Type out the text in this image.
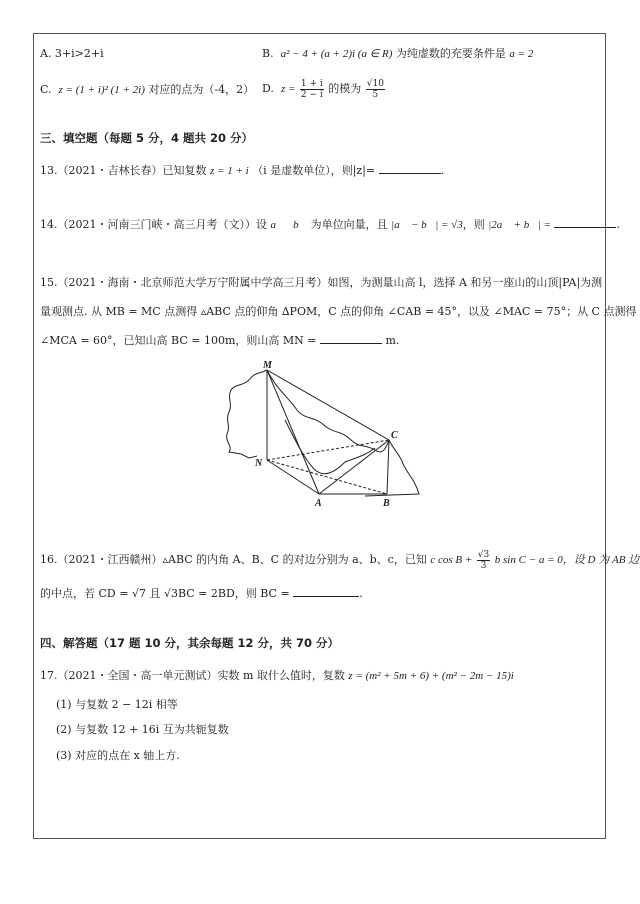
A. 3+i>2+i	B. a² − 4 + (a + 2)i (a ∈ R) 为纯虚数的充要条件是 a = 2
C. z = (1 + i)² (1 + 2i) 对应的点为（-4，2） D. $z = \frac{1 + i}{2 - i}$ 的模为 $\frac{√10}{5}$
三、填空题（每题 5 分，4 题共 20 分）
13.（2021・吉林长春）已知复数 z = 1 + i （i 是虚数单位），则|z|=	.
14.（2021・河南三门峡・高三月考（文））设 a⃗，b⃗ 为单位向量，且 |a⃗ − b⃗| = √3，则 |2a⃗ + b⃗| =	.
15.（2021・海南・北京师范大学万宁附属中学高三月考）如图，为测量山高 l，选择 A 和另一座山的山顶|PA|为测
量观测点. 从 MB = MC 点测得 ▵ABC 点的仰角 ∆POM，C 点的仰角 ∠CAB = 45°，以及 ∠MAC = 75°；从 C 点测得
∠MCA = 60°，已知山高 BC = 100m，则山高 MN =	m.
M
N
A	B
C
16.（2021・江西赣州）▵ABC 的内角 A、B、C 的对边分别为 a、b、c，已知 c $\cos B + \frac{√3}{3}$ b sin C − a = 0，设 D 为 AB 边
的中点，若 CD = √7 且 √3BC = 2BD，则 BC =	.
四、解答题（17 题 10 分，其余每题 12 分，共 70 分）
17.（2021・全国・高一单元测试）实数 m 取什么值时，复数 z = (m² + 5m + 6) + (m² − 2m − 15)i
(1) 与复数 2 − 12i 相等
(2) 与复数 12 + 16i 互为共轭复数
(3) 对应的点在 x 轴上方.
